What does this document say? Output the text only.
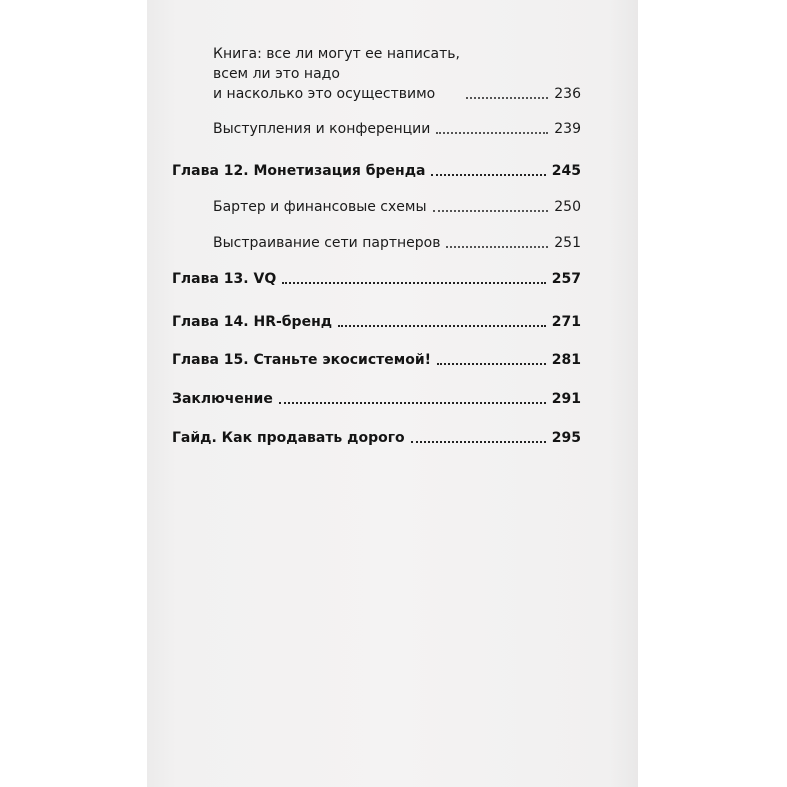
Книга: все ли могут ее написать,
всем ли это надо
и насколько это осуществимо	236
Выступления и конференции	239
Глава 12. Монетизация бренда	245
Бартер и финансовые схемы	250
Выстраивание сети партнеров	251
Глава 13. VQ	257
Глава 14. HR-бренд	271
Глава 15. Станьте экосистемой!	281
Заключение	291
Гайд. Как продавать дорого	295
